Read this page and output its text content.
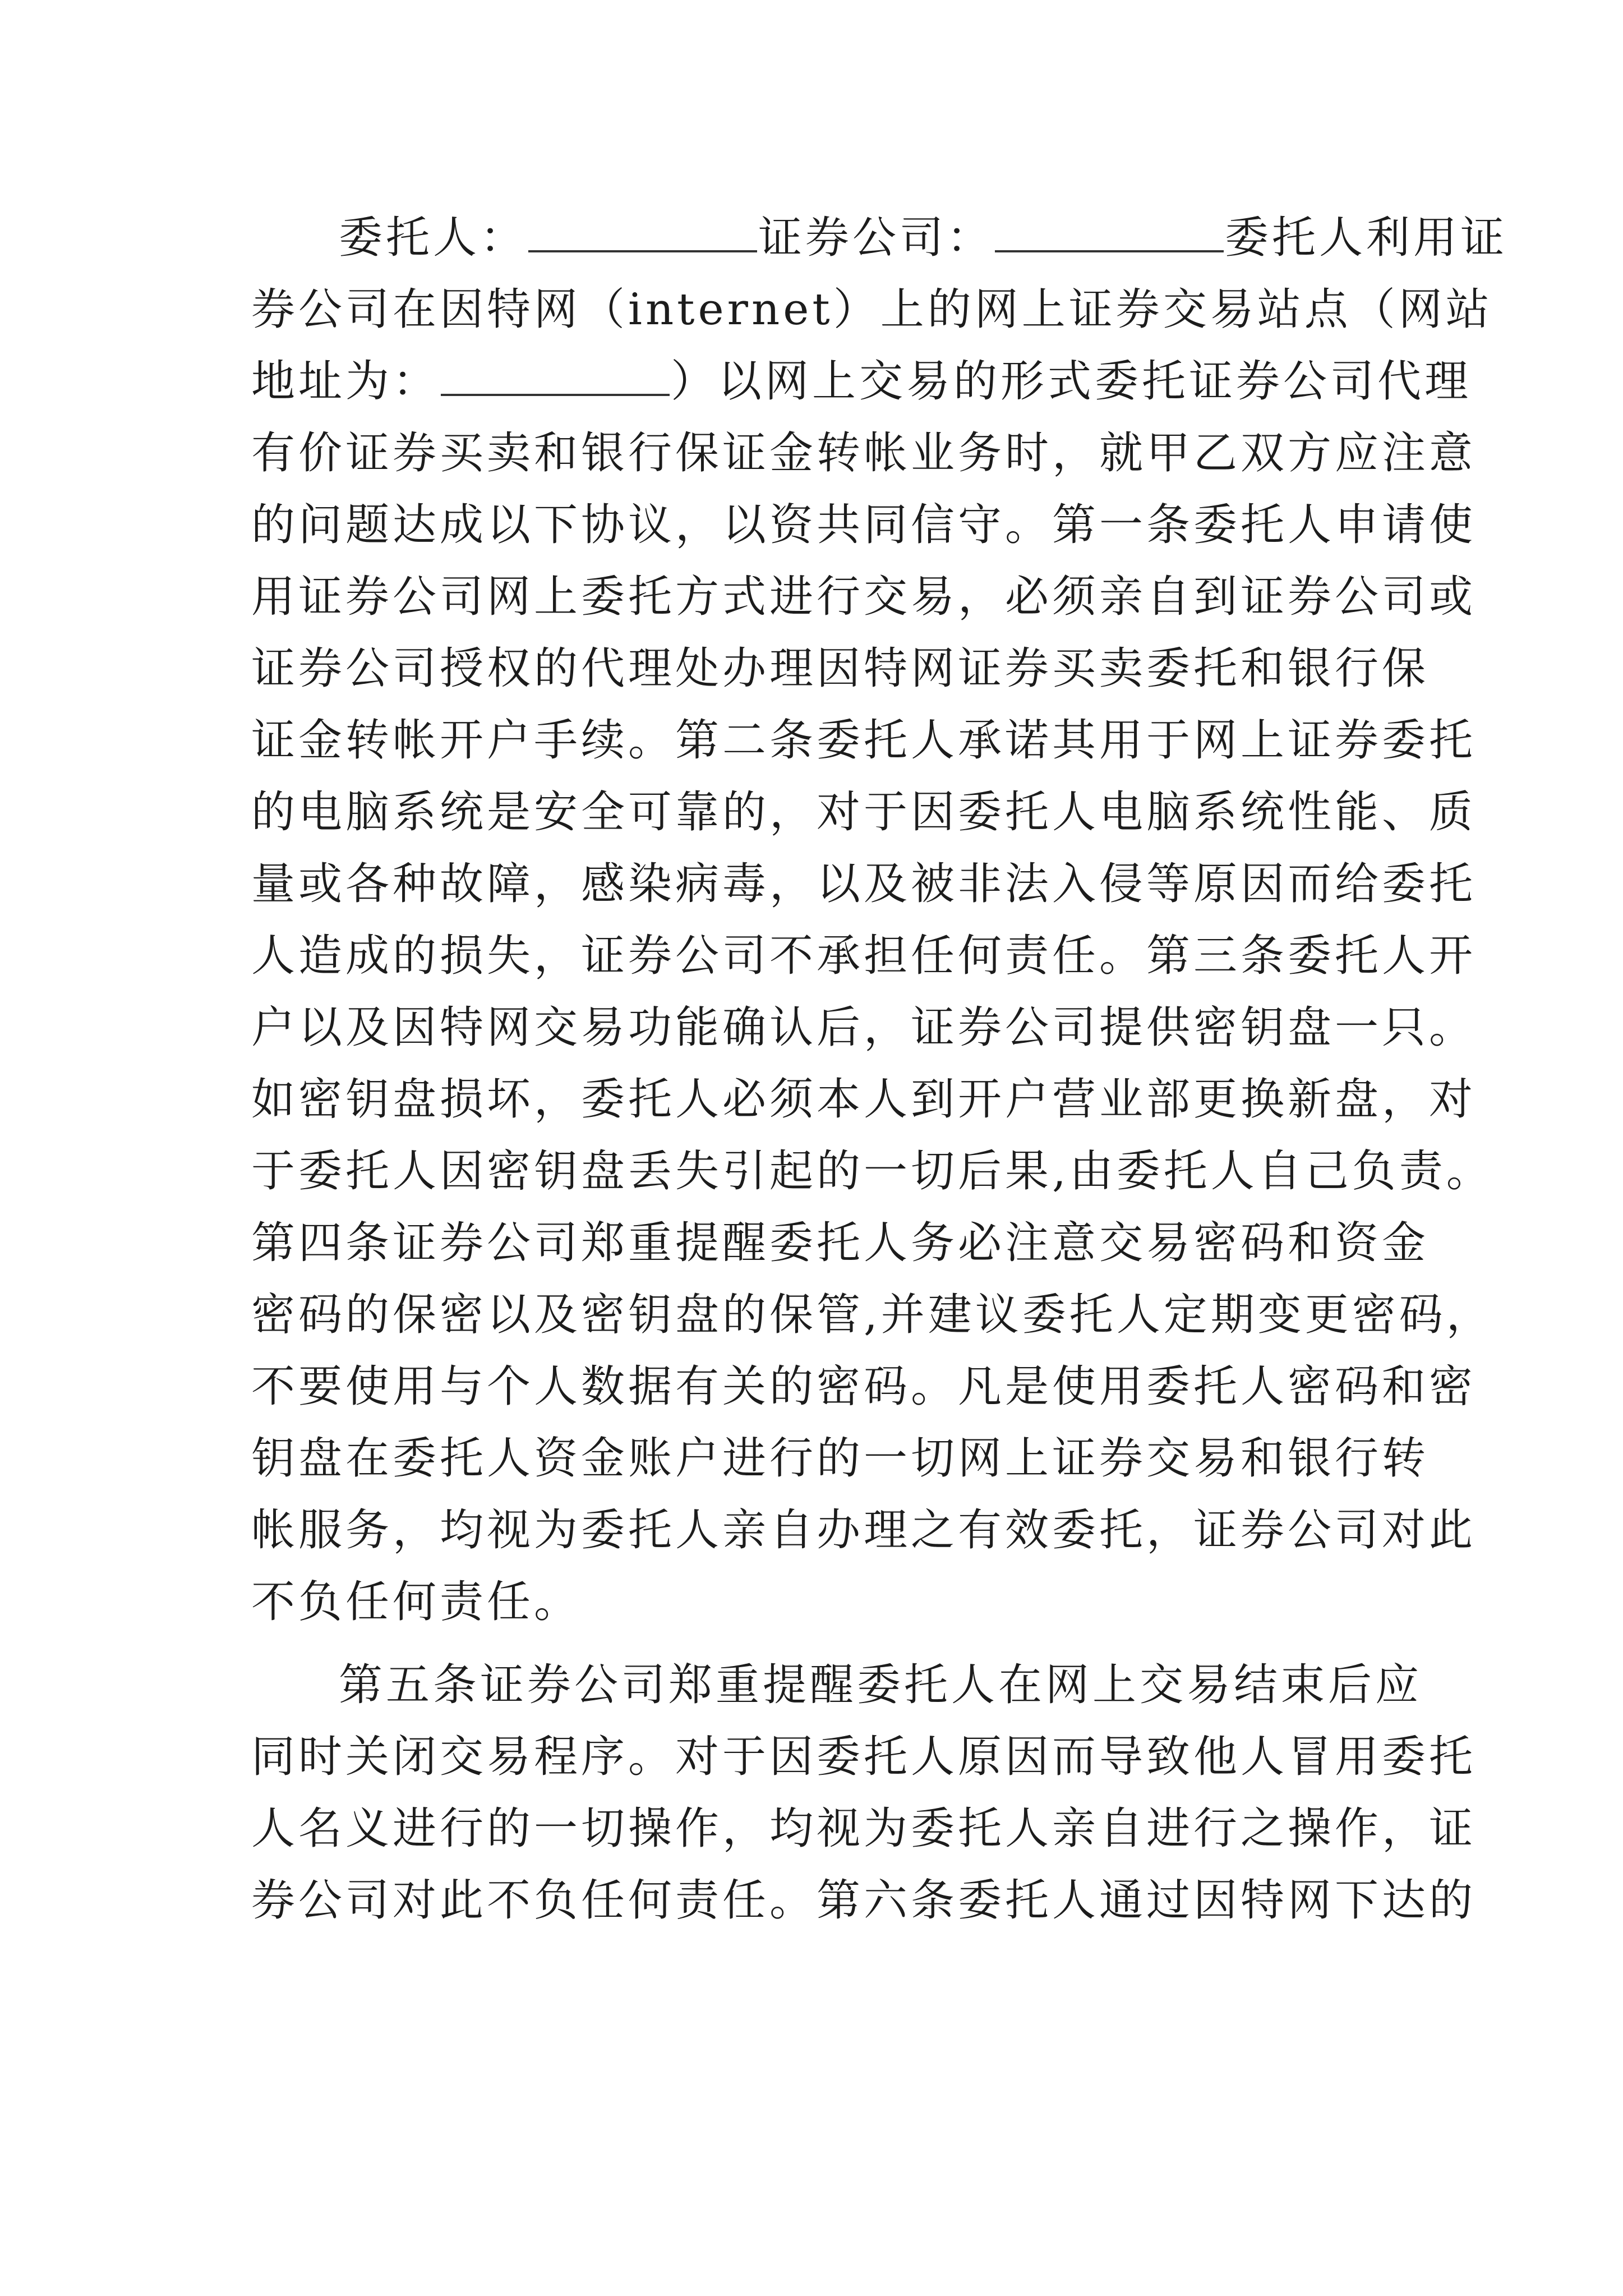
委托人：	证券公司：	委托人利用证
券公司在因特网（internet）上的网上证券交易站点（网站
地址为：	）以网上交易的形式委托证券公司代理
有价证券买卖和银行保证金转帐业务时，就甲乙双方应注意
的问题达成以下协议，以资共同信守。第一条委托人申请使
用证券公司网上委托方式进行交易，必须亲自到证券公司或
证券公司授权的代理处办理因特网证券买卖委托和银行保
证金转帐开户手续。第二条委托人承诺其用于网上证券委托
的电脑系统是安全可靠的，对于因委托人电脑系统性能、质
量或各种故障，感染病毒，以及被非法入侵等原因而给委托
人造成的损失，证券公司不承担任何责任。第三条委托人开
户以及因特网交易功能确认后，证券公司提供密钥盘一只。
如密钥盘损坏，委托人必须本人到开户营业部更换新盘，对
于委托人因密钥盘丢失引起的一切后果,由委托人自己负责。
第四条证券公司郑重提醒委托人务必注意交易密码和资金
密码的保密以及密钥盘的保管,并建议委托人定期变更密码，
不要使用与个人数据有关的密码。凡是使用委托人密码和密
钥盘在委托人资金账户进行的一切网上证券交易和银行转
帐服务，均视为委托人亲自办理之有效委托，证券公司对此
不负任何责任。
第五条证券公司郑重提醒委托人在网上交易结束后应
同时关闭交易程序。对于因委托人原因而导致他人冒用委托
人名义进行的一切操作，均视为委托人亲自进行之操作，证
券公司对此不负任何责任。第六条委托人通过因特网下达的
